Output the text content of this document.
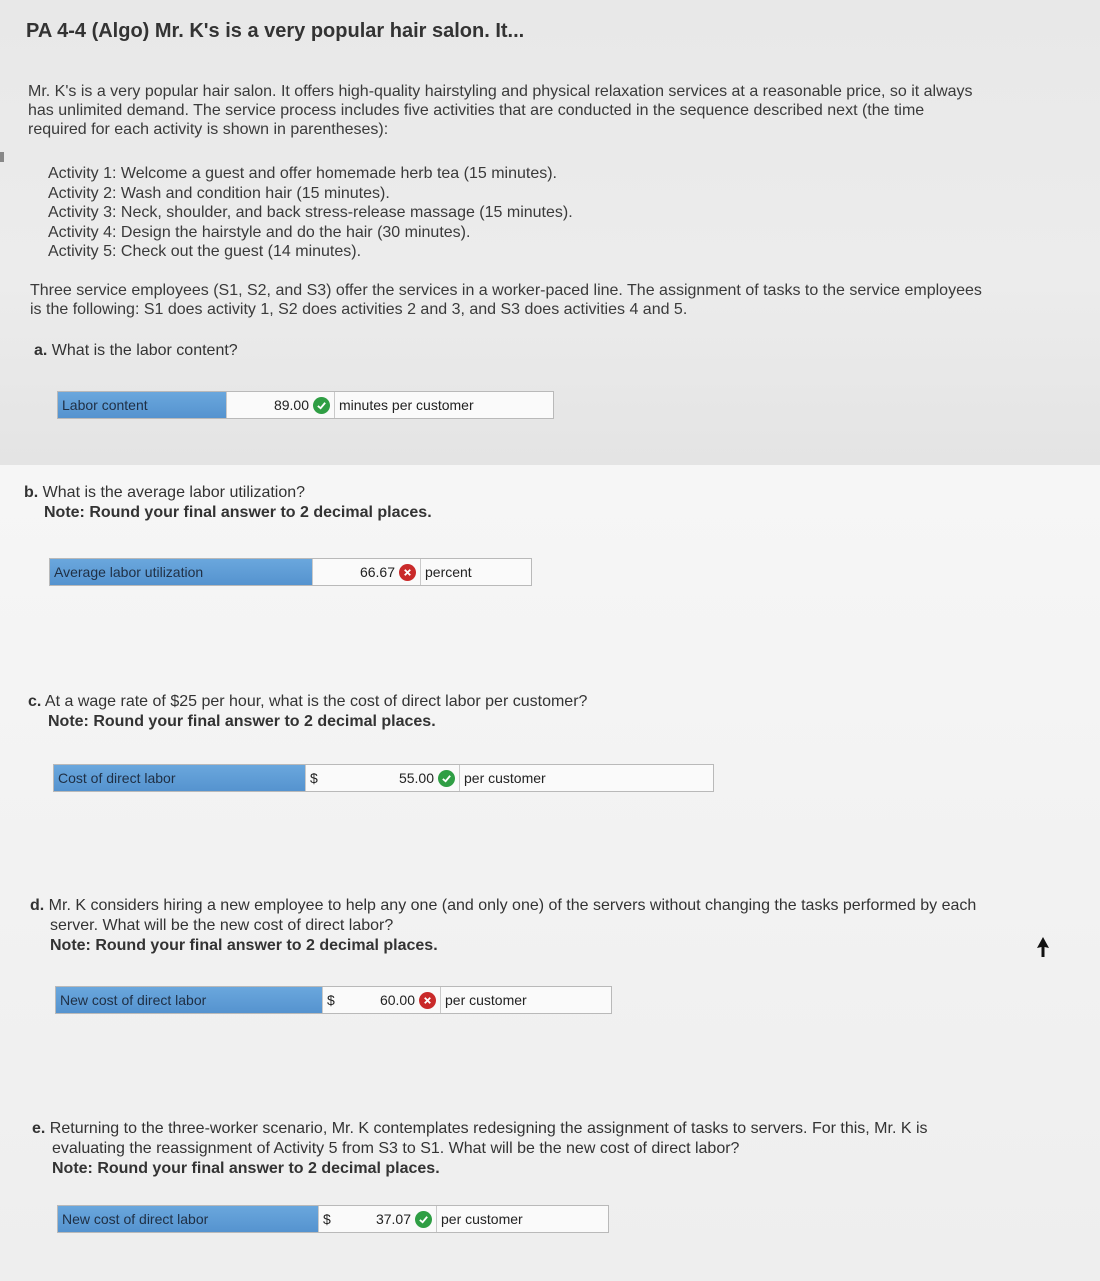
PA 4-4 (Algo) Mr. K's is a very popular hair salon. It...
Mr. K's is a very popular hair salon. It offers high-quality hairstyling and physical relaxation services at a reasonable price, so it always
has unlimited demand. The service process includes five activities that are conducted in the sequence described next (the time
required for each activity is shown in parentheses):
Activity 1: Welcome a guest and offer homemade herb tea (15 minutes).
Activity 2: Wash and condition hair (15 minutes).
Activity 3: Neck, shoulder, and back stress-release massage (15 minutes).
Activity 4: Design the hairstyle and do the hair (30 minutes).
Activity 5: Check out the guest (14 minutes).
Three service employees (S1, S2, and S3) offer the services in a worker-paced line. The assignment of tasks to the service employees
is the following: S1 does activity 1, S2 does activities 2 and 3, and S3 does activities 4 and 5.
a. What is the labor content?
Labor content	89.00	minutes per customer
b. What is the average labor utilization?
Note: Round your final answer to 2 decimal places.
Average labor utilization	66.67	percent
c. At a wage rate of $25 per hour, what is the cost of direct labor per customer?
Note: Round your final answer to 2 decimal places.
Cost of direct labor	$	55.00	per customer
d. Mr. K considers hiring a new employee to help any one (and only one) of the servers without changing the tasks performed by each
server. What will be the new cost of direct labor?
Note: Round your final answer to 2 decimal places.
New cost of direct labor	$	60.00	per customer
e. Returning to the three-worker scenario, Mr. K contemplates redesigning the assignment of tasks to servers. For this, Mr. K is
evaluating the reassignment of Activity 5 from S3 to S1. What will be the new cost of direct labor?
Note: Round your final answer to 2 decimal places.
New cost of direct labor	$	37.07	per customer
